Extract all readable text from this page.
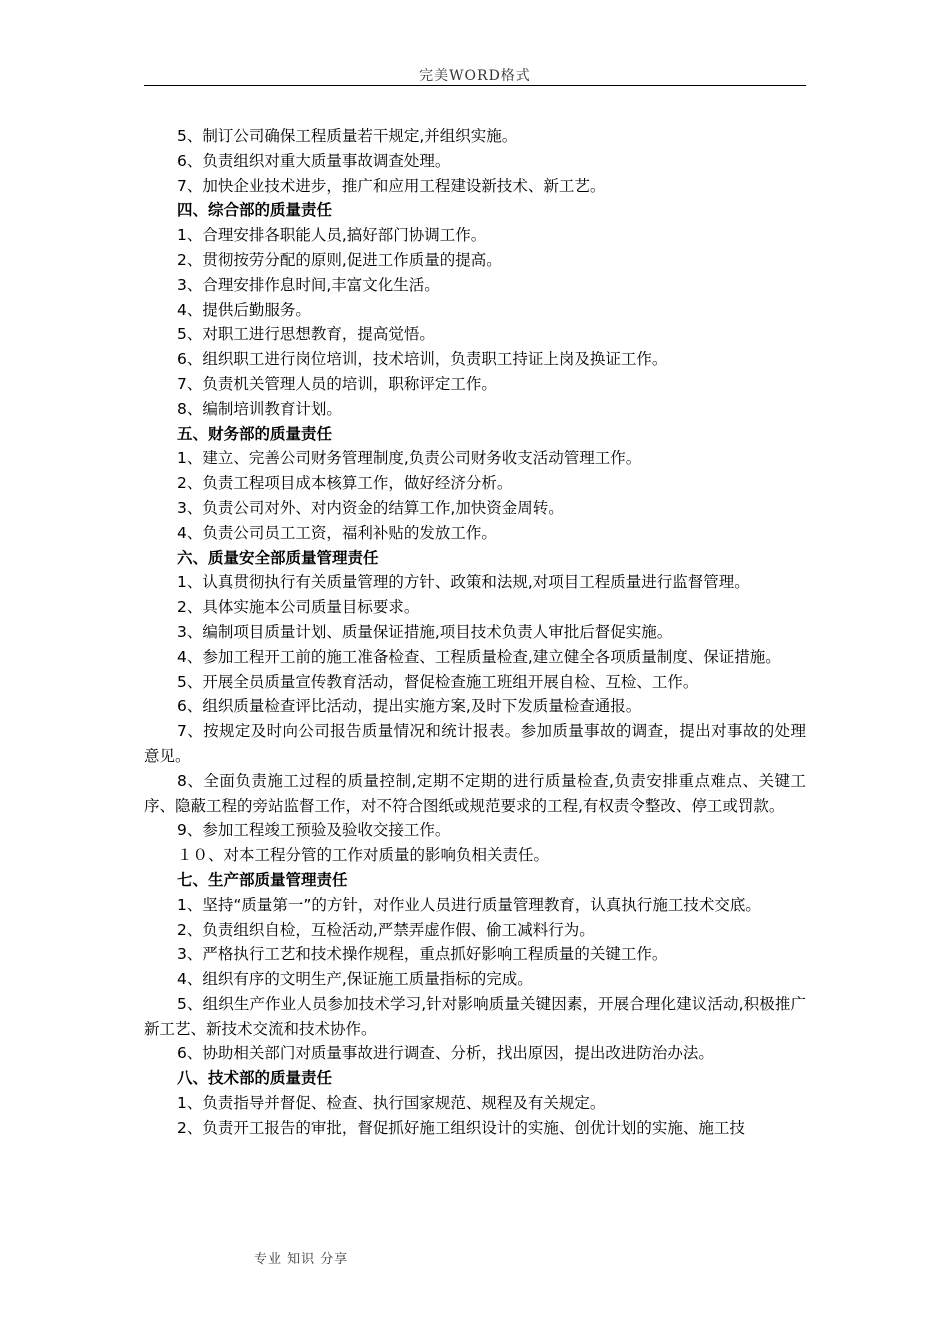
完美WORD格式

5、制订公司确保工程质量若干规定,并组织实施。

6、负责组织对重大质量事故调查处理。

7、加快企业技术进步，推广和应用工程建设新技术、新工艺。

四、综合部的质量责任

1、合理安排各职能人员,搞好部门协调工作。

2、贯彻按劳分配的原则,促进工作质量的提高。

3、合理安排作息时间,丰富文化生活。

4、提供后勤服务。

5、对职工进行思想教育，提高觉悟。

6、组织职工进行岗位培训，技术培训，负责职工持证上岗及换证工作。

7、负责机关管理人员的培训，职称评定工作。

8、编制培训教育计划。

五、财务部的质量责任

1、建立、完善公司财务管理制度,负责公司财务收支活动管理工作。

2、负责工程项目成本核算工作，做好经济分析。

3、负责公司对外、对内资金的结算工作,加快资金周转。

4、负责公司员工工资，福利补贴的发放工作。

六、质量安全部质量管理责任

1、认真贯彻执行有关质量管理的方针、政策和法规,对项目工程质量进行监督管理。

2、具体实施本公司质量目标要求。

3、编制项目质量计划、质量保证措施,项目技术负责人审批后督促实施。

4、参加工程开工前的施工准备检查、工程质量检查,建立健全各项质量制度、保证措施。

5、开展全员质量宣传教育活动，督促检查施工班组开展自检、互检、工作。

6、组织质量检查评比活动，提出实施方案,及时下发质量检查通报。

7、按规定及时向公司报告质量情况和统计报表。参加质量事故的调查，提出对事故的处理意见。

8、全面负责施工过程的质量控制,定期不定期的进行质量检查,负责安排重点难点、关键工序、隐蔽工程的旁站监督工作，对不符合图纸或规范要求的工程,有权责令整改、停工或罚款。

9、参加工程竣工预验及验收交接工作。

１０、对本工程分管的工作对质量的影响负相关责任。

七、生产部质量管理责任

1、坚持“质量第一”的方针，对作业人员进行质量管理教育，认真执行施工技术交底。

2、负责组织自检，互检活动,严禁弄虚作假、偷工减料行为。

3、严格执行工艺和技术操作规程，重点抓好影响工程质量的关键工作。

4、组织有序的文明生产,保证施工质量指标的完成。

5、组织生产作业人员参加技术学习,针对影响质量关键因素，开展合理化建议活动,积极推广新工艺、新技术交流和技术协作。

6、协助相关部门对质量事故进行调查、分析，找出原因，提出改进防治办法。

八、技术部的质量责任

1、负责指导并督促、检查、执行国家规范、规程及有关规定。

2、负责开工报告的审批，督促抓好施工组织设计的实施、创优计划的实施、施工技

专业 知识 分享
